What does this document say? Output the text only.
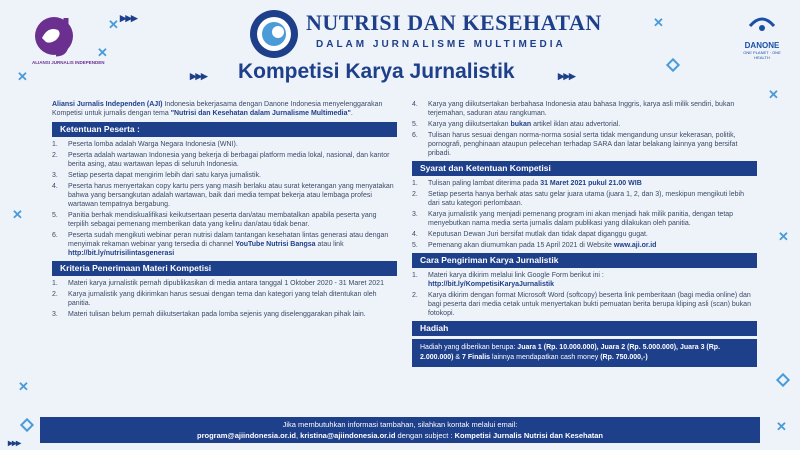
✕
✕
✕
✕
✕
✕
✕
✕
✕
▸▸▸
▸▸▸	▸▸▸
▸▸▸
ALIANSI JURNALIS INDEPENDEN
NUTRISI DAN KESEHATAN
DALAM JURNALISME MULTIMEDIA	DANONE
ONE PLANET · ONE HEALTH
Kompetisi Karya Jurnalistik
Aliansi Jurnalis Independen (AJI) Indonesia bekerjasama dengan Danone Indonesia menyelenggarakan Kompetisi untuk jurnalis dengan tema "Nutrisi dan Kesehatan dalam Jurnalisme Multimedia".
Ketentuan Peserta :
1.	Peserta lomba adalah Warga Negara Indonesia (WNI).
2.	Peserta adalah wartawan Indonesia yang bekerja di berbagai platform media lokal, nasional, dan kantor berita asing, atau wartawan lepas di seluruh Indonesia.
3.	Setiap peserta dapat mengirim lebih dari satu karya jurnalistik.
4.	Peserta harus menyertakan copy kartu pers yang masih berlaku atau surat keterangan yang menyatakan bahwa yang bersangkutan adalah wartawan, baik dari media tempat bekerja atau lembaga profesi wartawan tempatnya bergabung.
5.	Panitia berhak mendiskualifikasi keikutsertaan peserta dan/atau membatalkan apabila peserta yang terpilih sebagai pemenang memberikan data yang keliru dan/atau tidak benar.
6.	Peserta sudah mengikuti webinar peran nutrisi dalam tantangan kesehatan lintas generasi atau dengan menyimak rekaman webinar yang tersedia di channel YouTube Nutrisi Bangsa atau link
http://bit.ly/nutrisilintasgenerasi
Kriteria Penerimaan Materi Kompetisi
1.	Materi karya jurnalistik pernah dipublikasikan di media antara tanggal 1 Oktober 2020 - 31 Maret 2021
2.	Karya jurnalistik yang dikirimkan harus sesuai dengan tema dan kategori yang telah ditentukan oleh panitia.
3.	Materi tulisan belum pernah diikutsertakan pada lomba sejenis yang diselenggarakan pihak lain.
4.	Karya yang diikutsertakan berbahasa Indonesia atau bahasa Inggris, karya asli milik sendiri, bukan terjemahan, saduran atau rangkuman.
5.	Karya yang diikutsertakan bukan artikel iklan atau advertorial.
6.	Tulisan harus sesuai dengan norma-norma sosial serta tidak mengandung unsur kekerasan, politik, pornografi, penghinaan ataupun pelecehan terhadap SARA dan latar belakang lainnya yang bersifat pribadi.
Syarat dan Ketentuan Kompetisi
1.	Tulisan paling lambat diterima pada 31 Maret 2021 pukul 21.00 WIB
2.	Setiap peserta hanya berhak atas satu gelar juara utama (juara 1, 2, dan 3), meskipun mengikuti lebih dari satu kategori perlombaan.
3.	Karya jurnalistik yang menjadi pemenang program ini akan menjadi hak milik panitia, dengan tetap menyebutkan nama media serta jurnalis dalam publikasi yang dilakukan oleh panitia.
4.	Keputusan Dewan Juri bersifat mutlak dan tidak dapat diganggu gugat.
5.	Pemenang akan diumumkan pada 15 April 2021 di Website www.aji.or.id
Cara Pengiriman Karya Jurnalistik
1.	Materi karya dikirim melalui link Google Form berikut ini :
http://bit.ly/KompetisiKaryaJurnalistik
2.	Karya dikirim dengan format Microsoft Word (softcopy) beserta link pemberitaan (bagi media online) dan bagi peserta dari media cetak untuk menyertakan bukti pemuatan berita berupa kliping asli (scan) bukan fotokopi.
Hadiah
Hadiah yang diberikan berupa: Juara 1 (Rp. 10.000.000), Juara 2 (Rp. 5.000.000), Juara 3 (Rp. 2.000.000) & 7 Finalis lainnya mendapatkan cash money (Rp. 750.000,-)
Jika membutuhkan informasi tambahan, silahkan kontak melalui email:
program@ajiindonesia.or.id, kristina@ajiindonesia.or.id dengan subject : Kompetisi Jurnalis Nutrisi dan Kesehatan
